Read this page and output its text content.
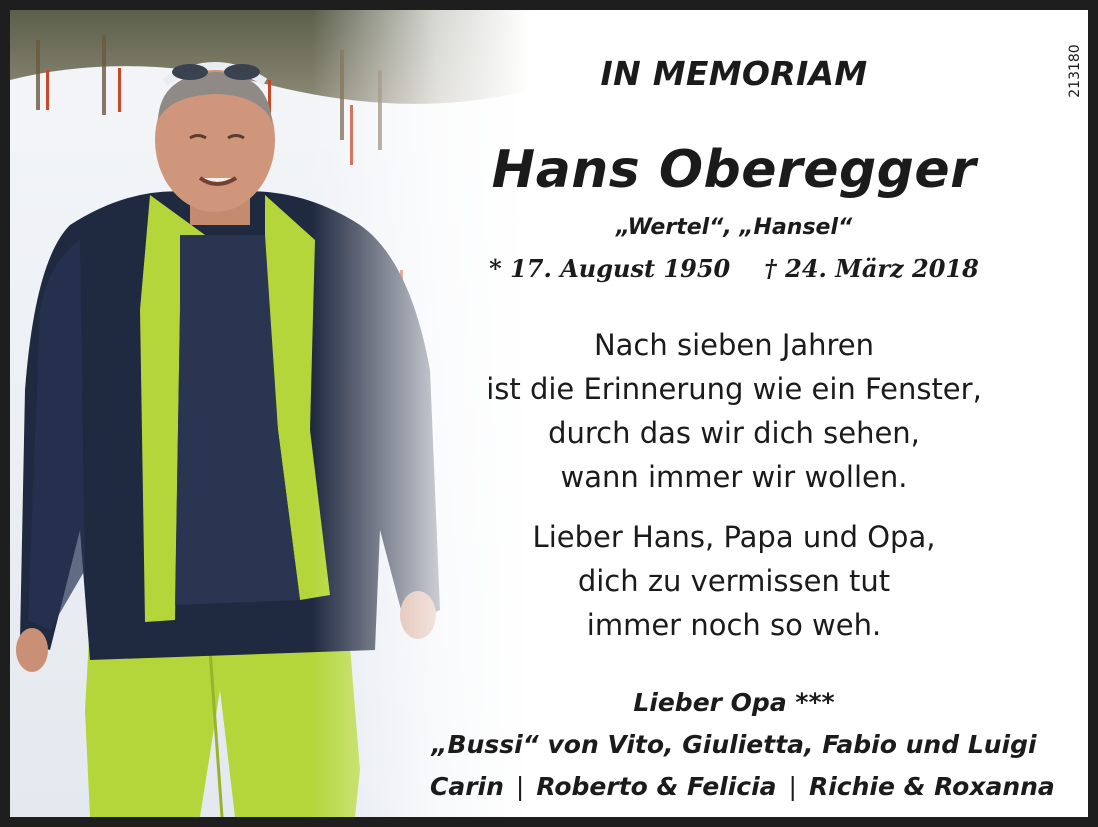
213180
IN MEMORIAM
Hans Oberegger
„Wertel“, „Hansel“
* 17. August 1950 † 24. März 2018
Nach sieben Jahren
ist die Erinnerung wie ein Fenster,
durch das wir dich sehen,
wann immer wir wollen.
Lieber Hans, Papa und Opa,
dich zu vermissen tut
immer noch so weh.
Lieber Opa ***
„Bussi“ von Vito, Giulietta, Fabio und Luigi
Carin | Roberto & Felicia | Richie & Roxanna
